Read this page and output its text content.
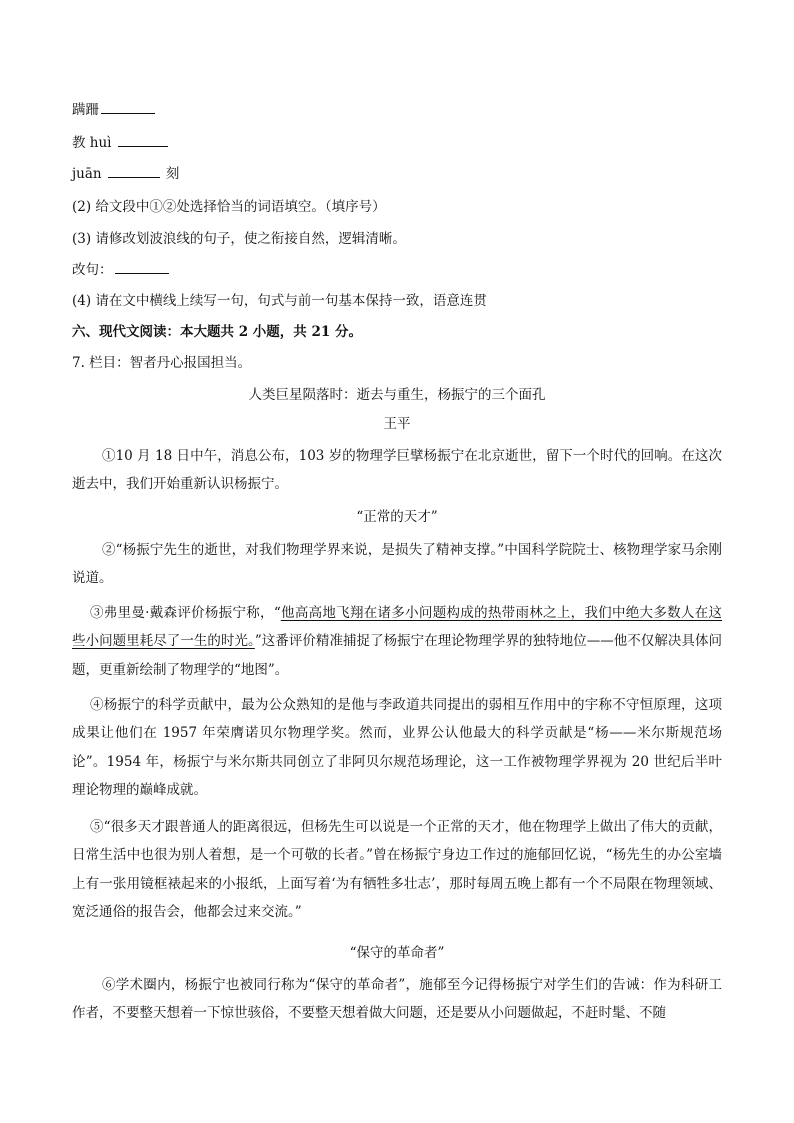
蹒跚
教 huì
juān	刻
(2) 给文段中①②处选择恰当的词语填空。（填序号）
(3) 请修改划波浪线的句子，使之衔接自然，逻辑清晰。
改句：
(4) 请在文中横线上续写一句，句式与前一句基本保持一致，语意连贯
六、现代文阅读：本大题共 2 小题，共 21 分。
7. 栏目：智者丹心报国担当。
人类巨星陨落时：逝去与重生，杨振宁的三个面孔
王平
①10 月 18 日中午，消息公布，103 岁的物理学巨擘杨振宁在北京逝世，留下一个时代的回响。在这次逝去中，我们开始重新认识杨振宁。
“正常的天才”
②“杨振宁先生的逝世，对我们物理学界来说，是损失了精神支撑。”中国科学院院士、核物理学家马余刚说道。
③弗里曼·戴森评价杨振宁称，“他高高地飞翔在诸多小问题构成的热带雨林之上，我们中绝大多数人在这些小问题里耗尽了一生的时光。”这番评价精准捕捉了杨振宁在理论物理学界的独特地位——他不仅解决具体问题，更重新绘制了物理学的“地图”。
④杨振宁的科学贡献中，最为公众熟知的是他与李政道共同提出的弱相互作用中的宇称不守恒原理，这项成果让他们在 1957 年荣膺诺贝尔物理学奖。然而，业界公认他最大的科学贡献是“杨——米尔斯规范场论”。1954 年，杨振宁与米尔斯共同创立了非阿贝尔规范场理论，这一工作被物理学界视为 20 世纪后半叶理论物理的巅峰成就。
⑤“很多天才跟普通人的距离很远，但杨先生可以说是一个正常的天才，他在物理学上做出了伟大的贡献，日常生活中也很为别人着想，是一个可敬的长者。”曾在杨振宁身边工作过的施郁回忆说，“杨先生的办公室墙上有一张用镜框裱起来的小报纸，上面写着‘为有牺牲多壮志’，那时每周五晚上都有一个不局限在物理领域、宽泛通俗的报告会，他都会过来交流。”
“保守的革命者”
⑥学术圈内，杨振宁也被同行称为“保守的革命者”，施郁至今记得杨振宁对学生们的告诫：作为科研工作者，不要整天想着一下惊世骇俗，不要整天想着做大问题，还是要从小问题做起，不赶时髦、不随
